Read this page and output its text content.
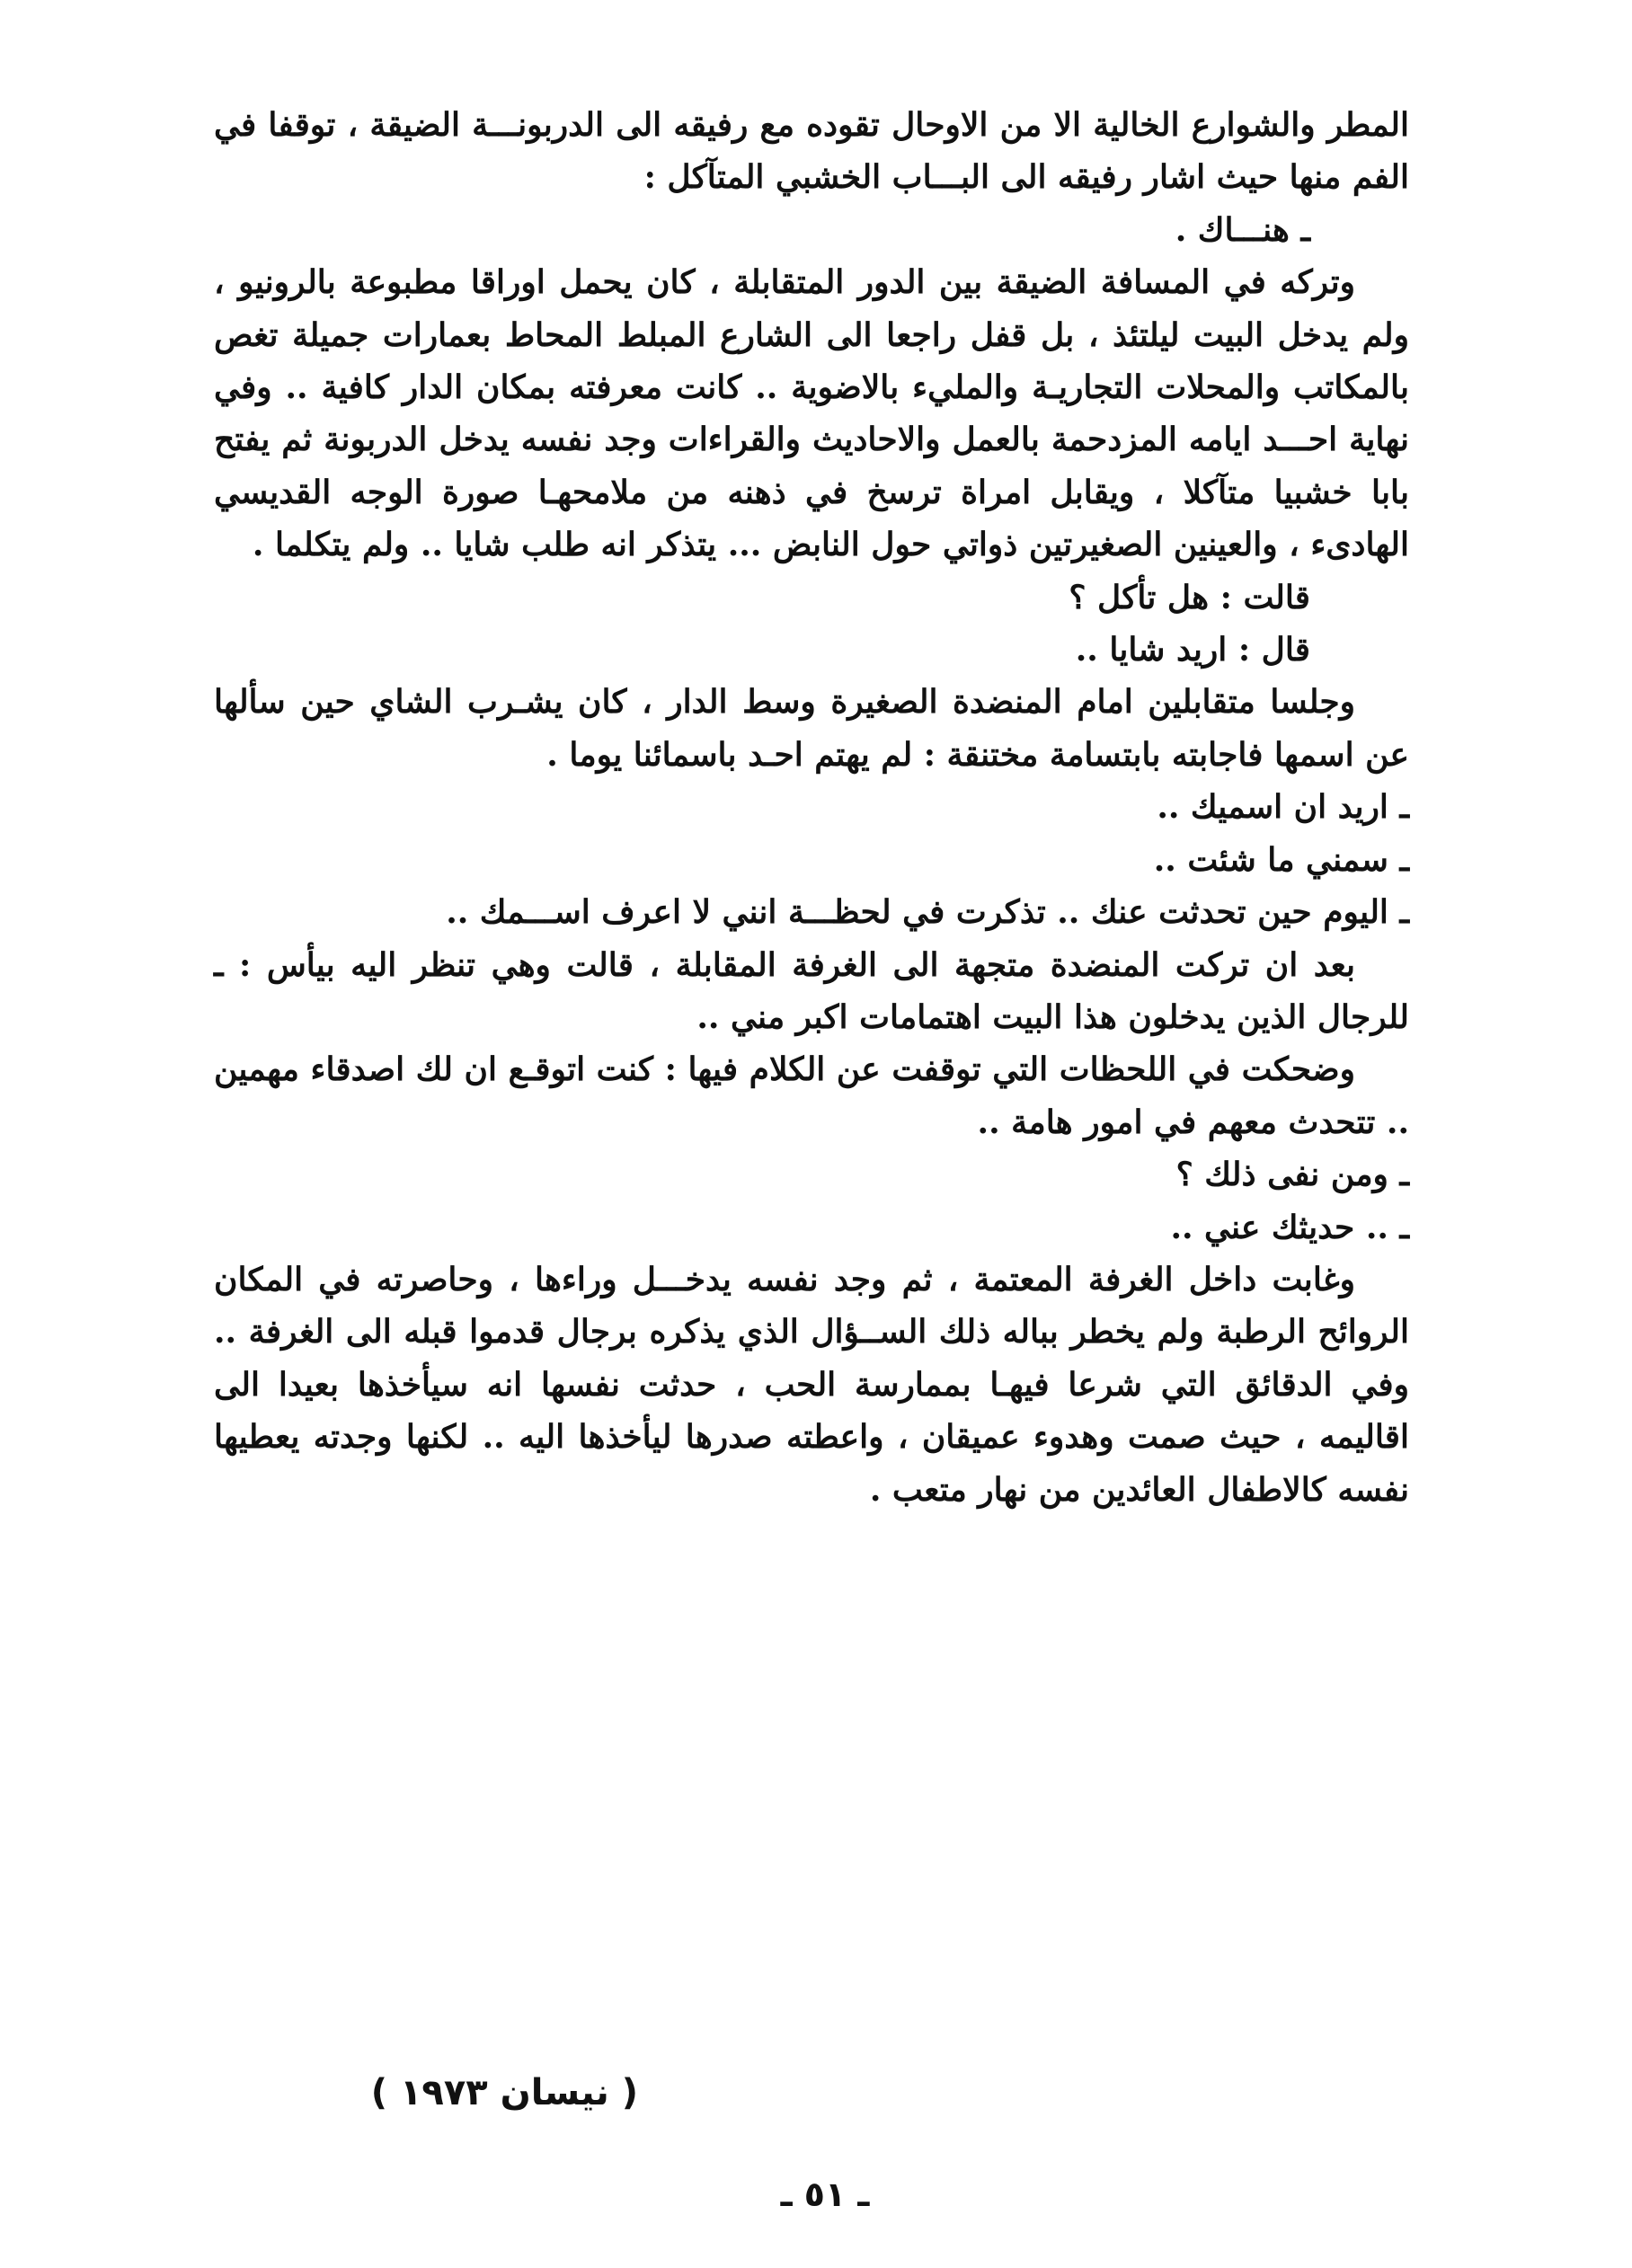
المطر والشوارع الخالية الا من الاوحال تقوده مع رفيقه الى الدربونـــة الضيقة ، توقفا في الفم منها حيث اشار رفيقه الى البـــاب الخشبي المتآكل :

ـ هنـــاك .

وتركه في المسافة الضيقة بين الدور المتقابلة ، كان يحمل اوراقا مطبوعة بالرونيو ، ولم يدخل البيت ليلتئذ ، بل قفل راجعا الى الشارع المبلط المحاط بعمارات جميلة تغص بالمكاتب والمحلات التجاريـة والمليء بالاضوية .. كانت معرفته بمكان الدار كافية .. وفي نهاية احـــد ايامه المزدحمة بالعمل والاحاديث والقراءات وجد نفسه يدخل الدربونة ثم يفتح بابا خشبيا متآكلا ، ويقابل امراة ترسخ في ذهنه من ملامحهـا صورة الوجه القديسي الهادىء ، والعينين الصغيرتين ذواتي حول النابض ... يتذكر انه طلب شايا .. ولم يتكلما .

قالت : هل تأكل ؟

قال : اريد شايا ..

وجلسا متقابلين امام المنضدة الصغيرة وسط الدار ، كان يشـرب الشاي حين سألها عن اسمها فاجابته بابتسامة مختنقة : لم يهتم احـد باسمائنا يوما .

ـ اريد ان اسميك ..

ـ سمني ما شئت ..

ـ اليوم حين تحدثت عنك .. تذكرت في لحظـــة انني لا اعرف اســـمك ..

بعد ان تركت المنضدة متجهة الى الغرفة المقابلة ، قالت وهي تنظر اليه بيأس : ـ للرجال الذين يدخلون هذا البيت اهتمامات اكبر مني ..

وضحكت في اللحظات التي توقفت عن الكلام فيها : كنت اتوقـع ان لك اصدقاء مهمين .. تتحدث معهم في امور هامة ..

ـ ومن نفى ذلك ؟

ـ .. حديثك عني ..

وغابت داخل الغرفة المعتمة ، ثم وجد نفسه يدخـــل وراءها ، وحاصرته في المكان الروائح الرطبة ولم يخطر بباله ذلك الســؤال الذي يذكره برجال قدموا قبله الى الغرفة .. وفي الدقائق التي شرعا فيهـا بممارسة الحب ، حدثت نفسها انه سيأخذها بعيدا الى اقاليمه ، حيث صمت وهدوء عميقان ، واعطته صدرها ليأخذها اليه .. لكنها وجدته يعطيها نفسه كالاطفال العائدين من نهار متعب .

( نيسان ١٩٧٣ )
ـ ٥١ ـ
